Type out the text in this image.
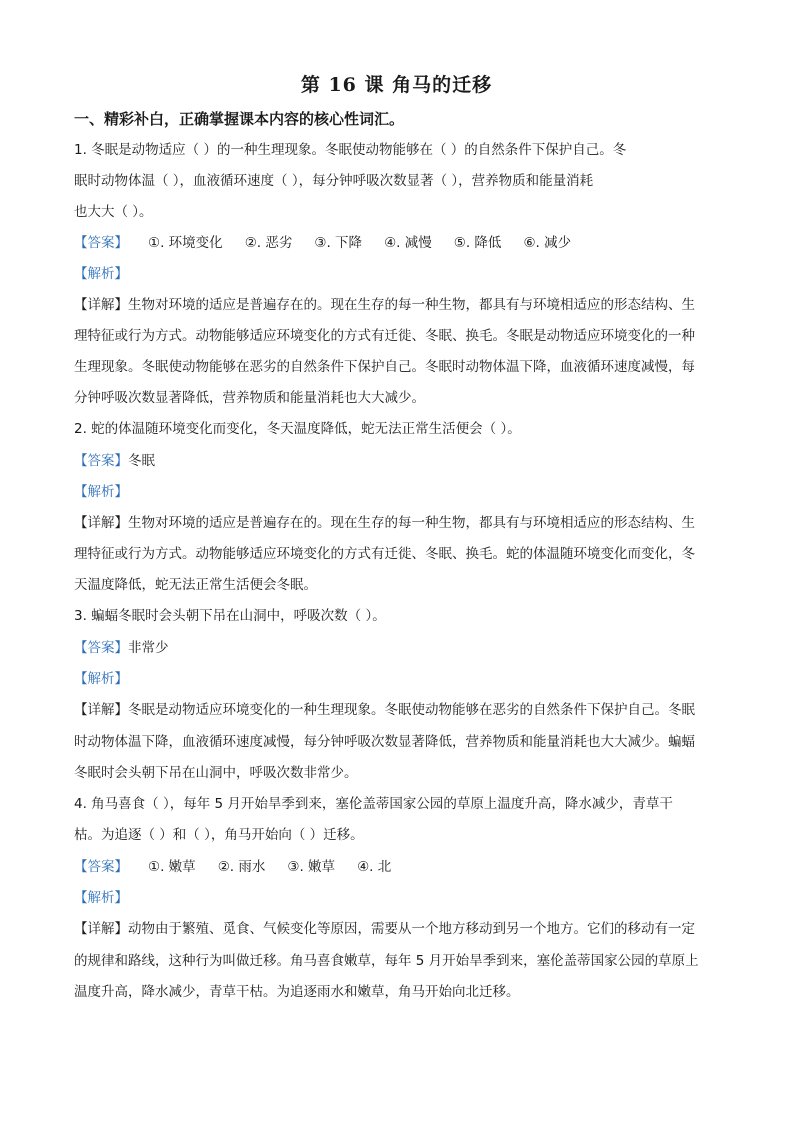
第 16 课 角马的迁移
一、精彩补白，正确掌握课本内容的核心性词汇。
1. 冬眠是动物适应（ ）的一种生理现象。冬眠使动物能够在（ ）的自然条件下保护自己。冬
眠时动物体温（ ），血液循环速度（ ），每分钟呼吸次数显著（ ），营养物质和能量消耗
也大大（ ）。
【答案】 ①. 环境变化 ②. 恶劣 ③. 下降 ④. 减慢 ⑤. 降低 ⑥. 减少
【解析】
【详解】生物对环境的适应是普遍存在的。现在生存的每一种生物，都具有与环境相适应的形态结构、生
理特征或行为方式。动物能够适应环境变化的方式有迁徙、冬眠、换毛。冬眠是动物适应环境变化的一种
生理现象。冬眠使动物能够在恶劣的自然条件下保护自己。冬眠时动物体温下降，血液循环速度减慢，每
分钟呼吸次数显著降低，营养物质和能量消耗也大大减少。
2. 蛇的体温随环境变化而变化，冬天温度降低，蛇无法正常生活便会（ ）。
【答案】冬眠
【解析】
【详解】生物对环境的适应是普遍存在的。现在生存的每一种生物，都具有与环境相适应的形态结构、生
理特征或行为方式。动物能够适应环境变化的方式有迁徙、冬眠、换毛。蛇的体温随环境变化而变化，冬
天温度降低，蛇无法正常生活便会冬眠。
3. 蝙蝠冬眠时会头朝下吊在山洞中，呼吸次数（ ）。
【答案】非常少
【解析】
【详解】冬眠是动物适应环境变化的一种生理现象。冬眠使动物能够在恶劣的自然条件下保护自己。冬眠
时动物体温下降，血液循环速度减慢，每分钟呼吸次数显著降低，营养物质和能量消耗也大大减少。蝙蝠
冬眠时会头朝下吊在山洞中，呼吸次数非常少。
4. 角马喜食（ ），每年 5 月开始旱季到来，塞伦盖蒂国家公园的草原上温度升高，降水减少，青草干
枯。为追逐（ ）和（ ），角马开始向（ ）迁移。
【答案】 ①. 嫩草 ②. 雨水 ③. 嫩草 ④. 北
【解析】
【详解】动物由于繁殖、觅食、气候变化等原因，需要从一个地方移动到另一个地方。它们的移动有一定
的规律和路线，这种行为叫做迁移。角马喜食嫩草，每年 5 月开始旱季到来，塞伦盖蒂国家公园的草原上
温度升高，降水减少，青草干枯。为追逐雨水和嫩草，角马开始向北迁移。
